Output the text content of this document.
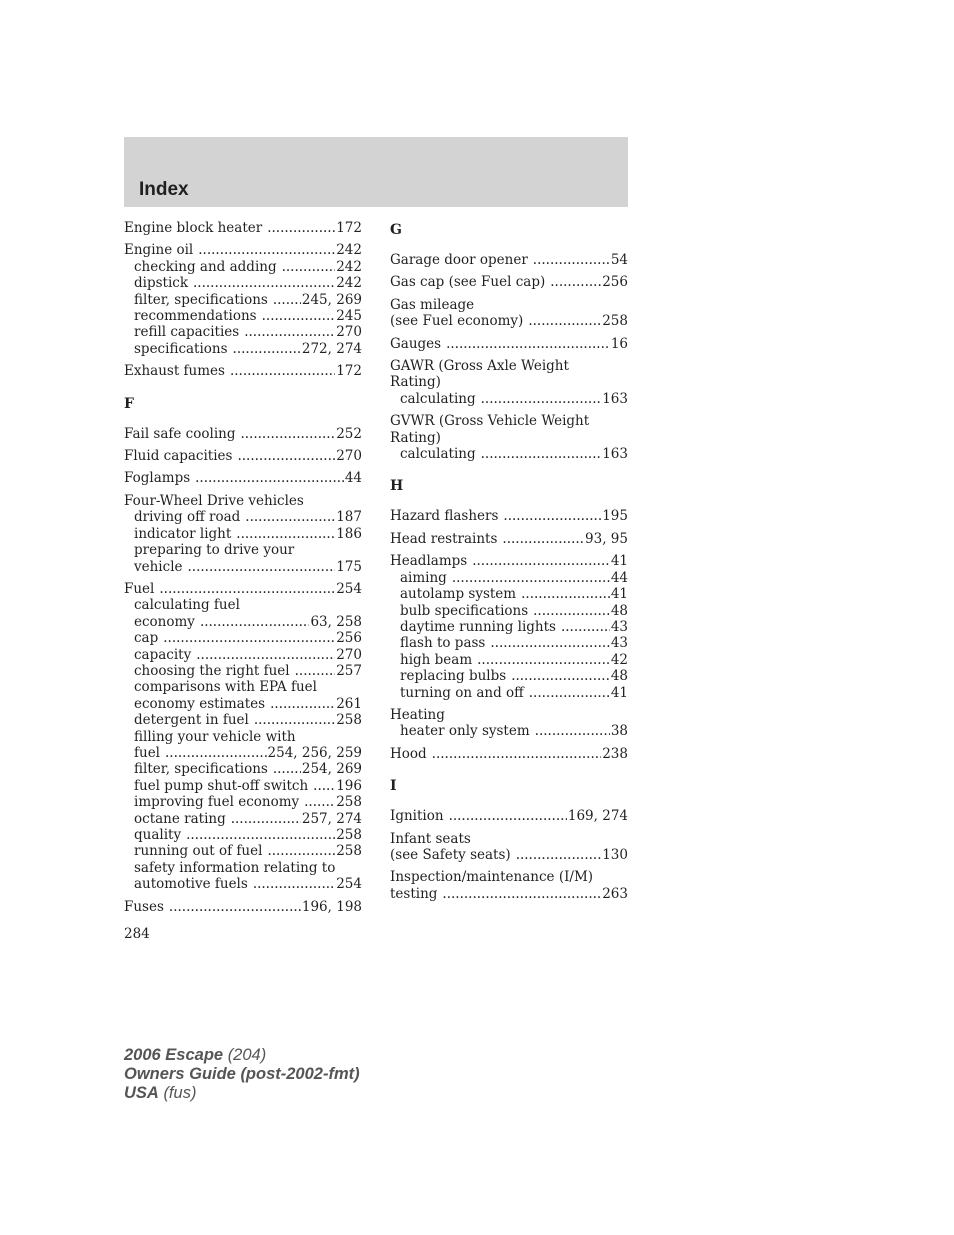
Index
Engine block heater .....	172
Engine oil .....	242
checking and adding .....	242
dipstick .....	242
filter, specifications .....	245, 269
recommendations .....	245
refill capacities .....	270
specifications .....	272, 274
Exhaust fumes .....	172
F
Fail safe cooling .....	252
Fluid capacities .....	270
Foglamps .....	44
Four-Wheel Drive vehicles
driving off road .....	187
indicator light .....	186
preparing to drive your
vehicle .....	175
Fuel .....	254
calculating fuel
economy .....	63, 258
cap .....	256
capacity .....	270
choosing the right fuel .....	257
comparisons with EPA fuel
economy estimates .....	261
detergent in fuel .....	258
filling your vehicle with
fuel .....	254, 256, 259
filter, specifications .....	254, 269
fuel pump shut-off switch ..... 196
improving fuel economy .....	258
octane rating .....	257, 274
quality .....	258
running out of fuel .....	258
safety information relating to
automotive fuels .....	254
Fuses .....	196, 198
G
Garage door opener .....	54
Gas cap (see Fuel cap) .....	256
Gas mileage
(see Fuel economy) .....	258
Gauges .....	16
GAWR (Gross Axle Weight
Rating)
calculating .....	163
GVWR (Gross Vehicle Weight
Rating)
calculating .....	163
H
Hazard flashers .....	195
Head restraints .....	93, 95
Headlamps .....	41
aiming .....	44
autolamp system .....	41
bulb specifications .....	48
daytime running lights .....	43
flash to pass .....	43
high beam .....	42
replacing bulbs .....	48
turning on and off .....	41
Heating
heater only system .....	38
Hood .....	238
I
Ignition .....	169, 274
Infant seats
(see Safety seats) .....	130
Inspection/maintenance (I/M)
testing .....	263
284
2006 Escape (204)
Owners Guide (post-2002-fmt)
USA (fus)
